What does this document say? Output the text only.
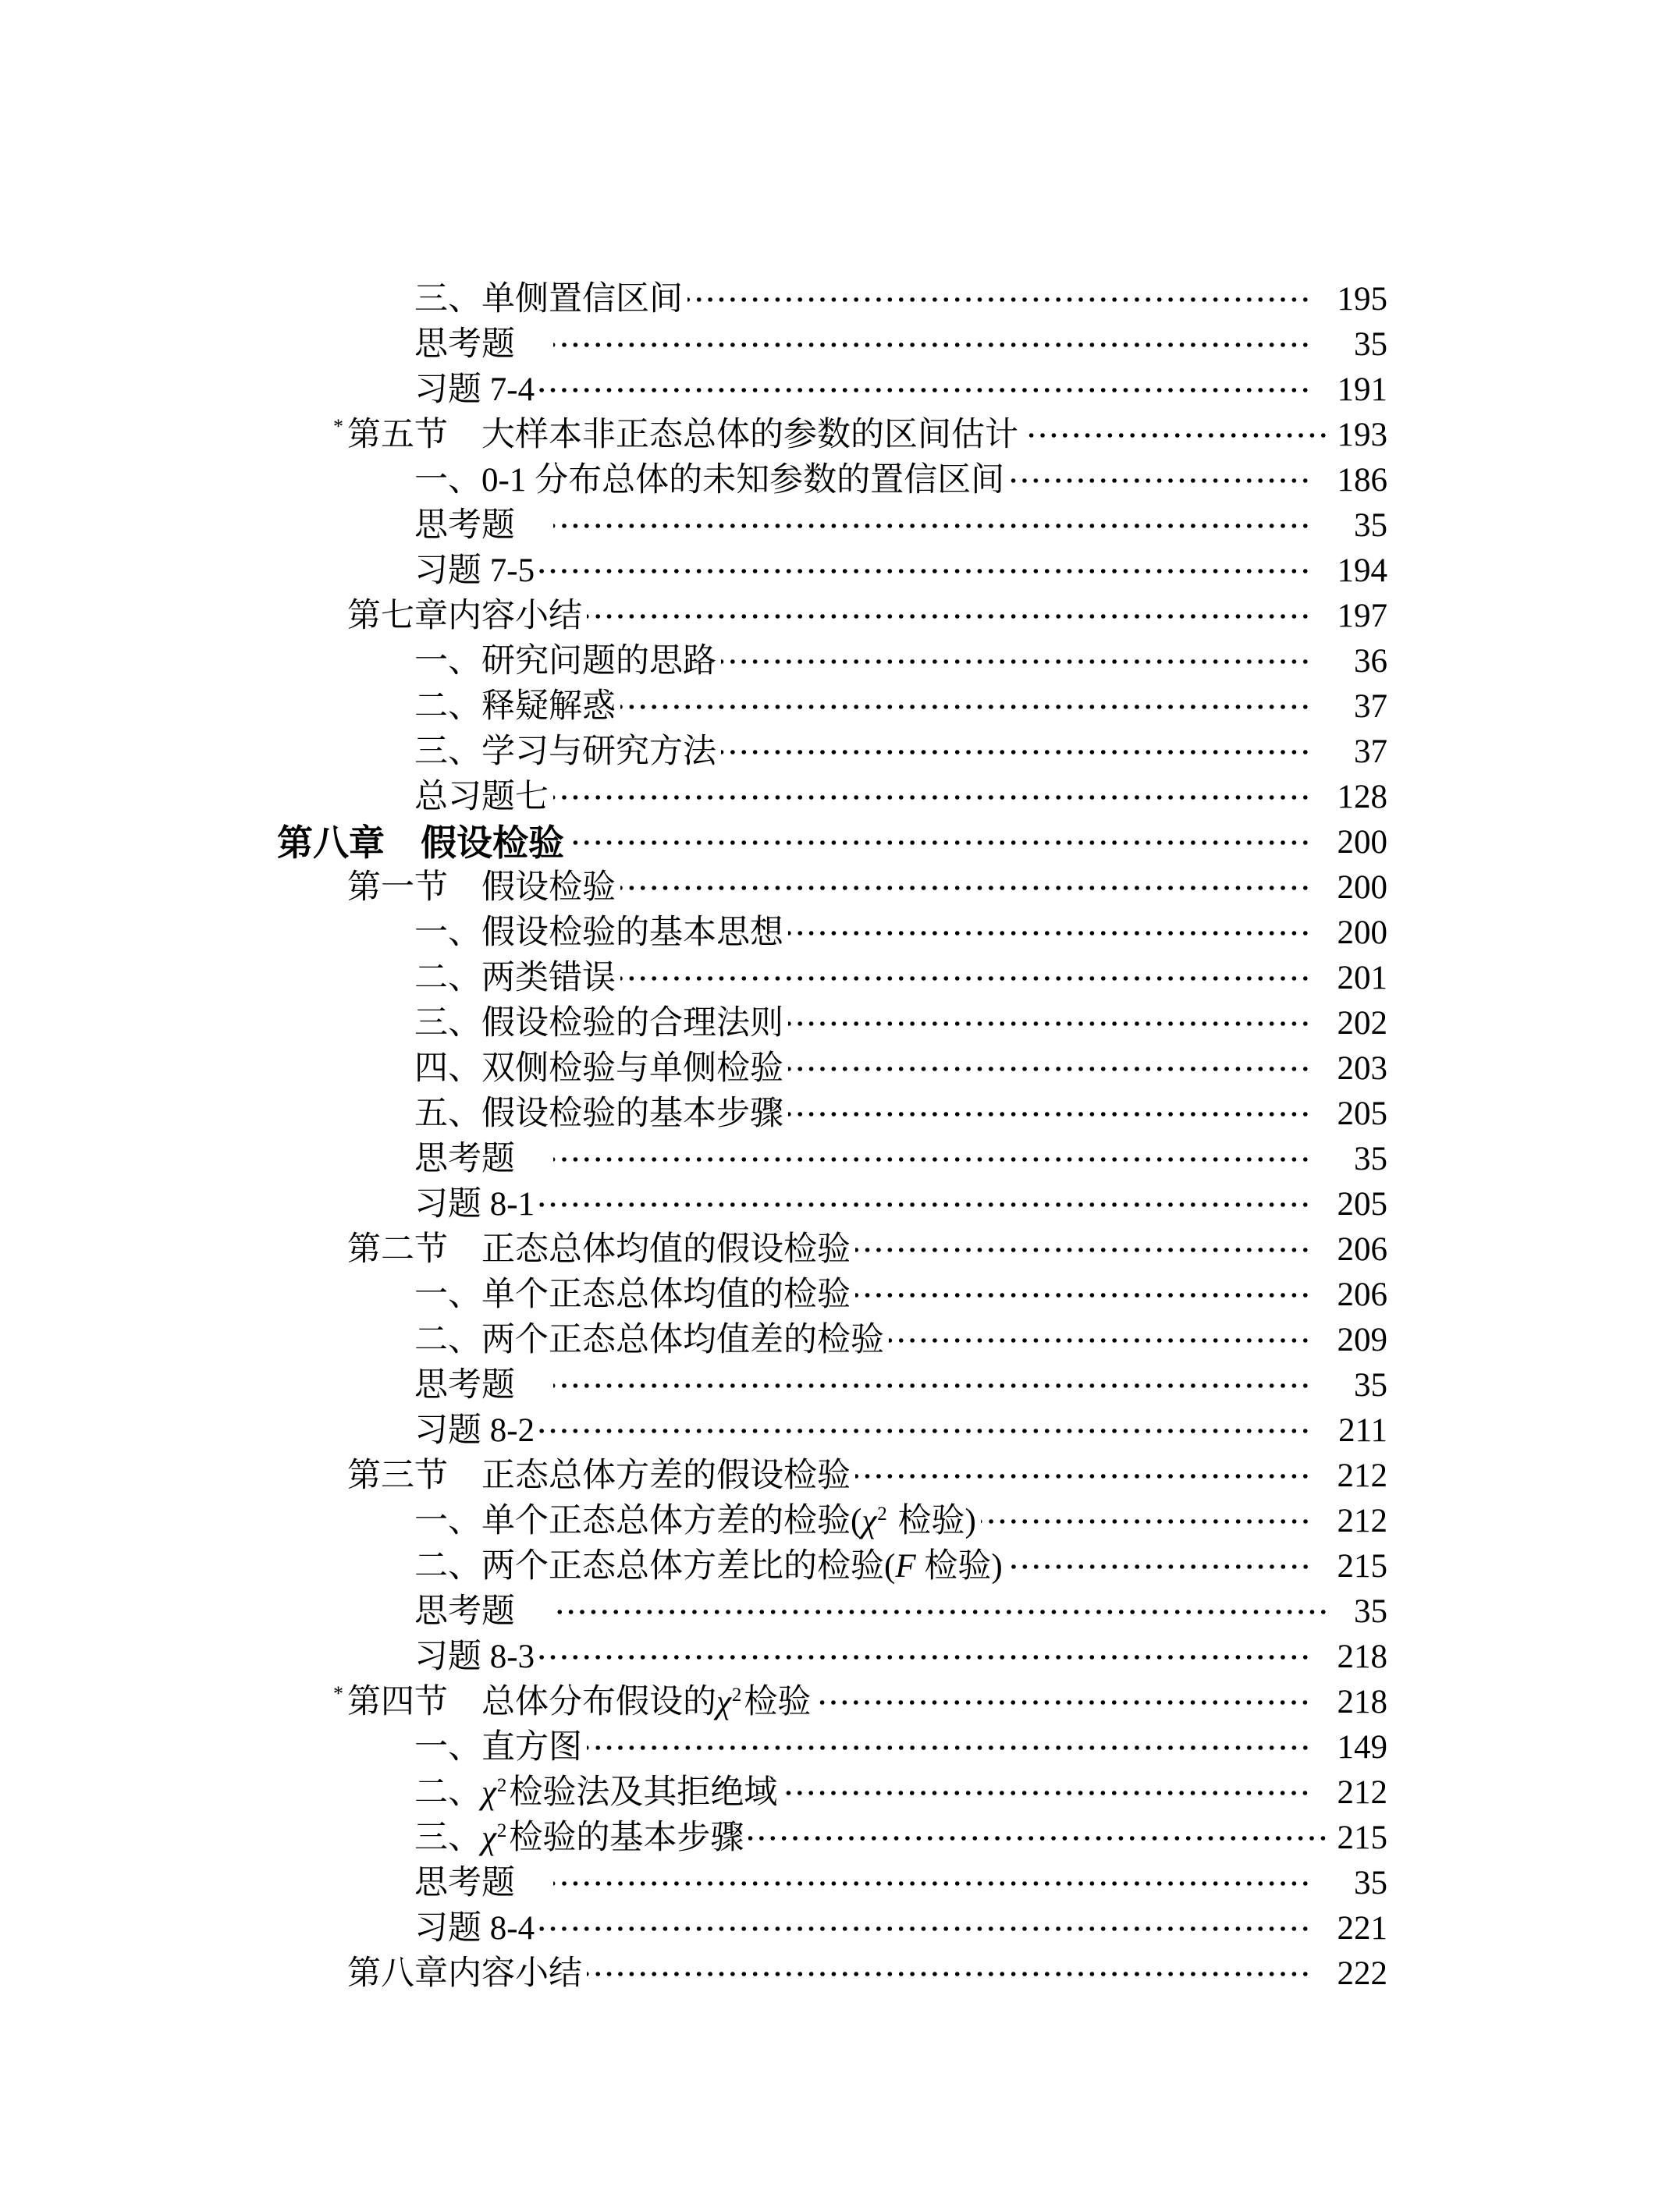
三、单侧置信区间	195
思考题　	35
习题 7-4	191
* 第五节　大样本非正态总体的参数的区间估计	193
一、0-1 分布总体的未知参数的置信区间	186
思考题　	35
习题 7-5	194
第七章内容小结	197
一、研究问题的思路	36
二、释疑解惑	37
三、学习与研究方法	37
总习题七	128
第八章　假设检验	200
第一节　假设检验	200
一、假设检验的基本思想	200
二、两类错误	201
三、假设检验的合理法则	202
四、双侧检验与单侧检验	203
五、假设检验的基本步骤	205
思考题　	35
习题 8-1	205
第二节　正态总体均值的假设检验	206
一、单个正态总体均值的检验	206
二、两个正态总体均值差的检验	209
思考题　	35
习题 8-2	211
第三节　正态总体方差的假设检验	212
一、单个正态总体方差的检验($\chi^2$ 检验)	212
二、两个正态总体方差比的检验(F 检验)	215
思考题　	35
习题 8-3	218
* 第四节　总体分布假设的$\chi^2$检验	218
一、直方图	149
二、$\chi^2$检验法及其拒绝域	212
三、$\chi^2$检验的基本步骤	215
思考题　	35
习题 8-4	221
第八章内容小结	222
